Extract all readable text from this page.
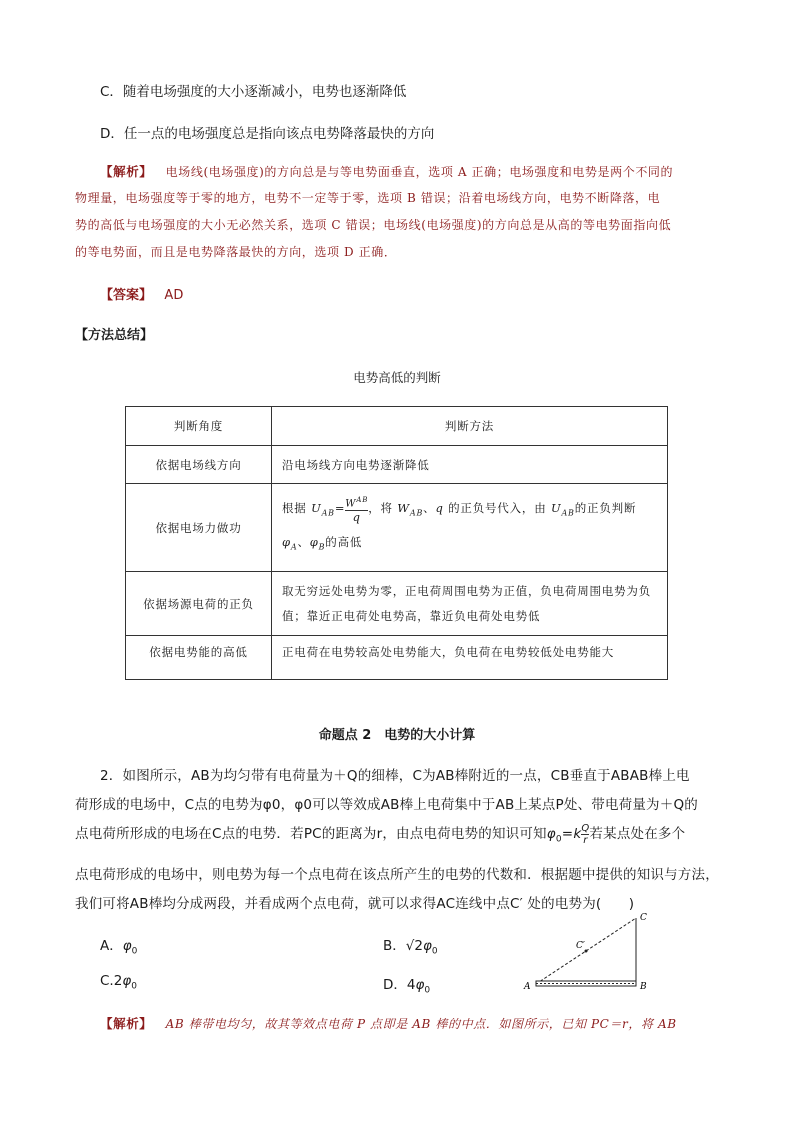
C．随着电场强度的大小逐渐减小，电势也逐渐降低
D．任一点的电场强度总是指向该点电势降落最快的方向
【解析】 电场线(电场强度)的方向总是与等电势面垂直，选项 A 正确；电场强度和电势是两个不同的
物理量，电场强度等于零的地方，电势不一定等于零，选项 B 错误；沿着电场线方向，电势不断降落，电
势的高低与电场强度的大小无必然关系，选项 C 错误；电场线(电场强度)的方向总是从高的等电势面指向低
的等电势面，而且是电势降落最快的方向，选项 D 正确．
【答案】 AD
【方法总结】
电势高低的判断
判断角度	判断方法
依据电场线方向	沿电场线方向电势逐渐降低
依据电场力做功	根据 $U_{AB}= W^{AB}$
q
，将 $W_{AB}$、q 的正负号代入，由 $U_{AB}$的正负判断
$\varphi_A$、$\varphi_B$的高低
依据场源电荷的正负	取无穷远处电势为零，正电荷周围电势为正值，负电荷周围电势为负值；靠近正电荷处电势高，靠近负电荷处电势低
依据电势能的高低	正电荷在电势较高处电势能大，负电荷在电势较低处电势能大
命题点 2　电势的大小计算
2．如图所示，AB为均匀带有电荷量为＋Q的细棒，C为AB棒附近的一点，CB垂直于ABAB棒上电
荷形成的电场中，C点的电势为φ0，φ0可以等效成AB棒上电荷集中于AB上某点P处、带电荷量为＋Q的
点电荷所形成的电场在C点的电势．若PC的距离为r，由点电荷电势的知识可知$\varphi_0=k \frac{Q}{r}$ 若某点处在多个
点电荷形成的电场中，则电势为每一个点电荷在该点所产生的电势的代数和．根据题中提供的知识与方法，
我们可将AB棒均分成两段，并看成两个点电荷，就可以求得AC连线中点C′ 处的电势为(　　)
A．$\varphi_0$	B．$√2\varphi_0$
$C.2\varphi_0$	D．$4\varphi_0$	A	B
C
C′
【解析】 AB 棒带电均匀，故其等效点电荷 P 点即是 AB 棒的中点．如图所示，已知 PC＝r，将 AB
